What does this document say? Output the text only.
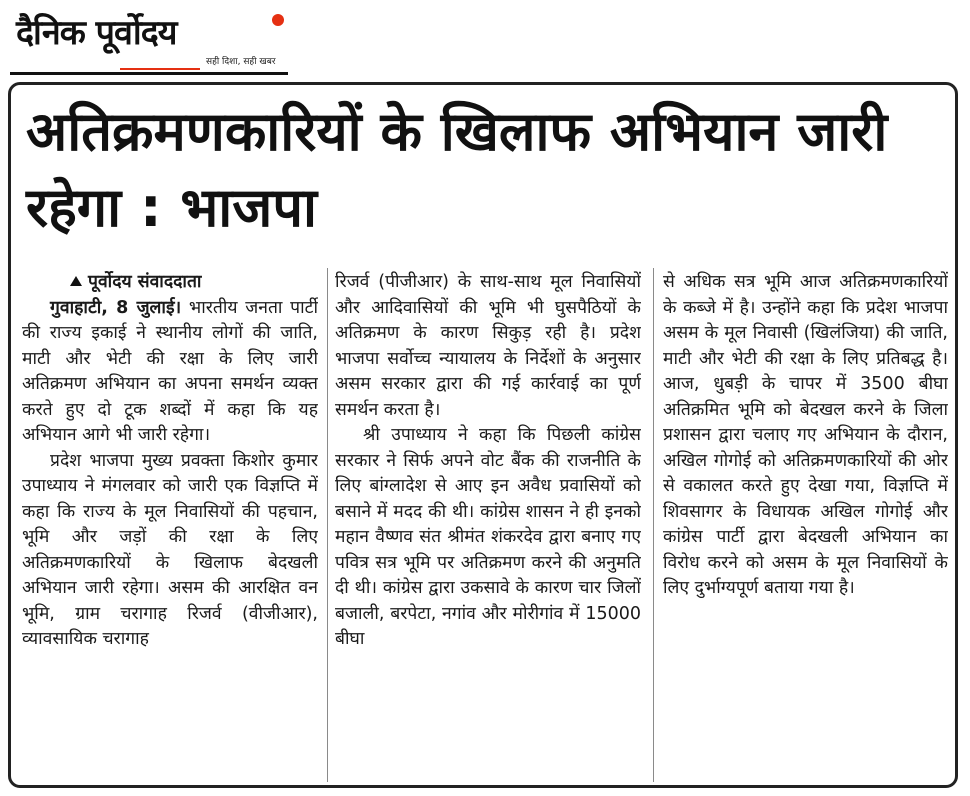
दैनिक पूर्वोदय
सही दिशा, सही खबर
अतिक्रमणकारियों के खिलाफ अभियान जारी रहेगा : भाजपा
पूर्वोदय संवाददाता

गुवाहाटी, 8 जुलाई। भारतीय जनता पार्टी की राज्य इकाई ने स्थानीय लोगों की जाति, माटी और भेटी की रक्षा के लिए जारी अतिक्रमण अभियान का अपना समर्थन व्यक्त करते हुए दो टूक शब्दों में कहा कि यह अभियान आगे भी जारी रहेगा।

प्रदेश भाजपा मुख्य प्रवक्ता किशोर कुमार उपाध्याय ने मंगलवार को जारी एक विज्ञप्ति में कहा कि राज्य के मूल निवासियों की पहचान, भूमि और जड़ों की रक्षा के लिए अतिक्रमणकारियों के खिलाफ बेदखली अभियान जारी रहेगा। असम की आरक्षित वन भूमि, ग्राम चरागाह रिजर्व (वीजीआर), व्यावसायिक चरागाह

रिजर्व (पीजीआर) के साथ-साथ मूल निवासियों और आदिवासियों की भूमि भी घुसपैठियों के अतिक्रमण के कारण सिकुड़ रही है। प्रदेश भाजपा सर्वोच्च न्यायालय के निर्देशों के अनुसार असम सरकार द्वारा की गई कार्रवाई का पूर्ण समर्थन करता है।

श्री उपाध्याय ने कहा कि पिछली कांग्रेस सरकार ने सिर्फ अपने वोट बैंक की राजनीति के लिए बांग्लादेश से आए इन अवैध प्रवासियों को बसाने में मदद की थी। कांग्रेस शासन ने ही इनको महान वैष्णव संत श्रीमंत शंकरदेव द्वारा बनाए गए पवित्र सत्र भूमि पर अतिक्रमण करने की अनुमति दी थी। कांग्रेस द्वारा उकसावे के कारण चार जिलों बजाली, बरपेटा, नगांव और मोरीगांव में 15000 बीघा

से अधिक सत्र भूमि आज अतिक्रमणकारियों के कब्जे में है। उन्होंने कहा कि प्रदेश भाजपा असम के मूल निवासी (खिलंजिया) की जाति, माटी और भेटी की रक्षा के लिए प्रतिबद्ध है। आज, धुबड़ी के चापर में 3500 बीघा अतिक्रमित भूमि को बेदखल करने के जिला प्रशासन द्वारा चलाए गए अभियान के दौरान, अखिल गोगोई को अतिक्रमणकारियों की ओर से वकालत करते हुए देखा गया, विज्ञप्ति में शिवसागर के विधायक अखिल गोगोई और कांग्रेस पार्टी द्वारा बेदखली अभियान का विरोध करने को असम के मूल निवासियों के लिए दुर्भाग्यपूर्ण बताया गया है।
